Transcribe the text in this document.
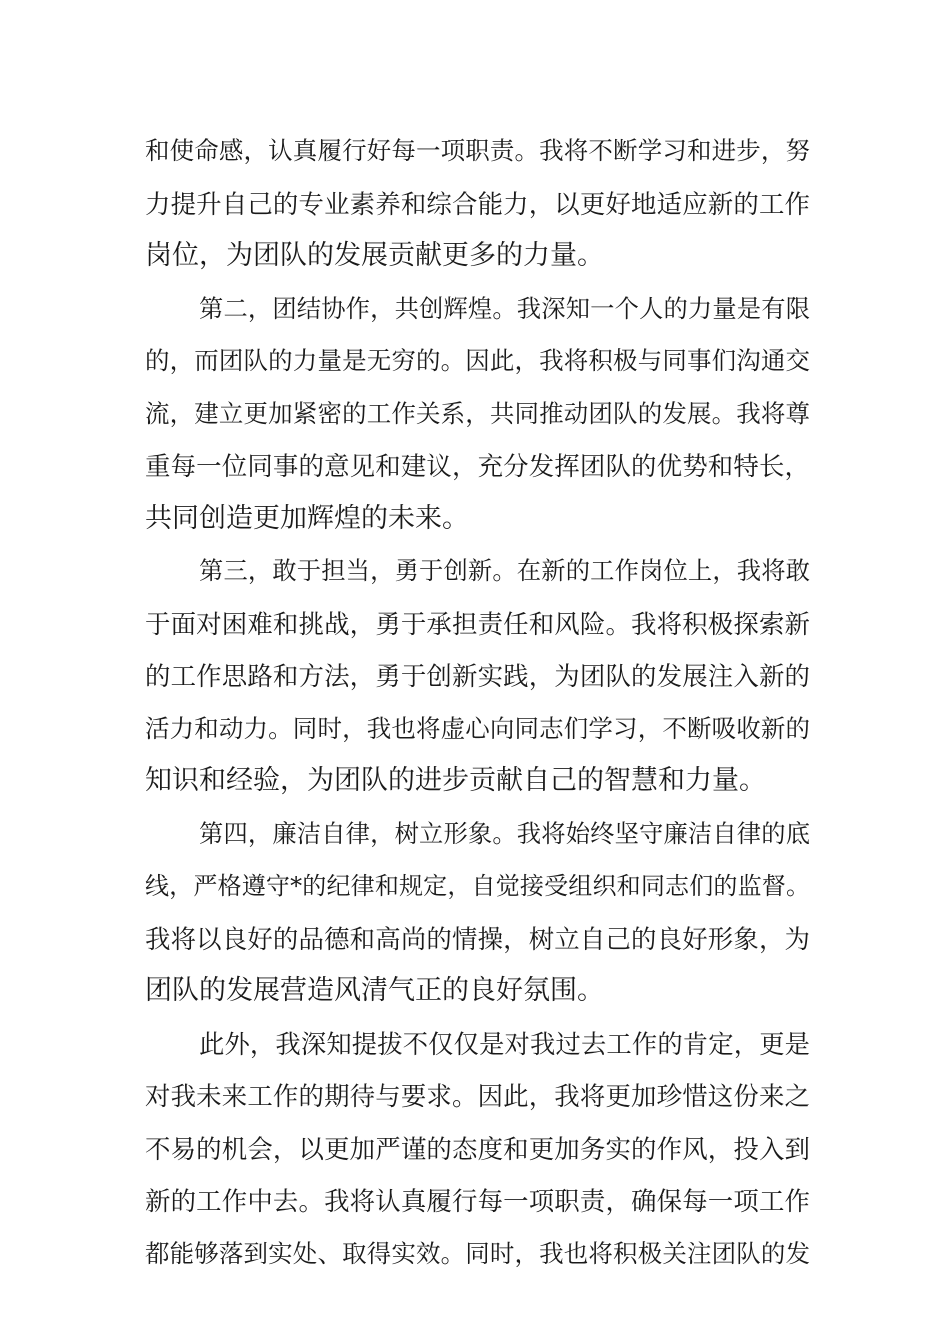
和使命感，认真履行好每一项职责。我将不断学习和进步，努
力提升自己的专业素养和综合能力，以更好地适应新的工作
岗位，为团队的发展贡献更多的力量。
第二，团结协作，共创辉煌。我深知一个人的力量是有限
的，而团队的力量是无穷的。因此，我将积极与同事们沟通交
流，建立更加紧密的工作关系，共同推动团队的发展。我将尊
重每一位同事的意见和建议，充分发挥团队的优势和特长，
共同创造更加辉煌的未来。
第三，敢于担当，勇于创新。在新的工作岗位上，我将敢
于面对困难和挑战，勇于承担责任和风险。我将积极探索新
的工作思路和方法，勇于创新实践，为团队的发展注入新的
活力和动力。同时，我也将虚心向同志们学习，不断吸收新的
知识和经验，为团队的进步贡献自己的智慧和力量。
第四，廉洁自律，树立形象。我将始终坚守廉洁自律的底
线，严格遵守*的纪律和规定，自觉接受组织和同志们的监督。
我将以良好的品德和高尚的情操，树立自己的良好形象，为
团队的发展营造风清气正的良好氛围。
此外，我深知提拔不仅仅是对我过去工作的肯定，更是
对我未来工作的期待与要求。因此，我将更加珍惜这份来之
不易的机会，以更加严谨的态度和更加务实的作风，投入到
新的工作中去。我将认真履行每一项职责，确保每一项工作
都能够落到实处、取得实效。同时，我也将积极关注团队的发
